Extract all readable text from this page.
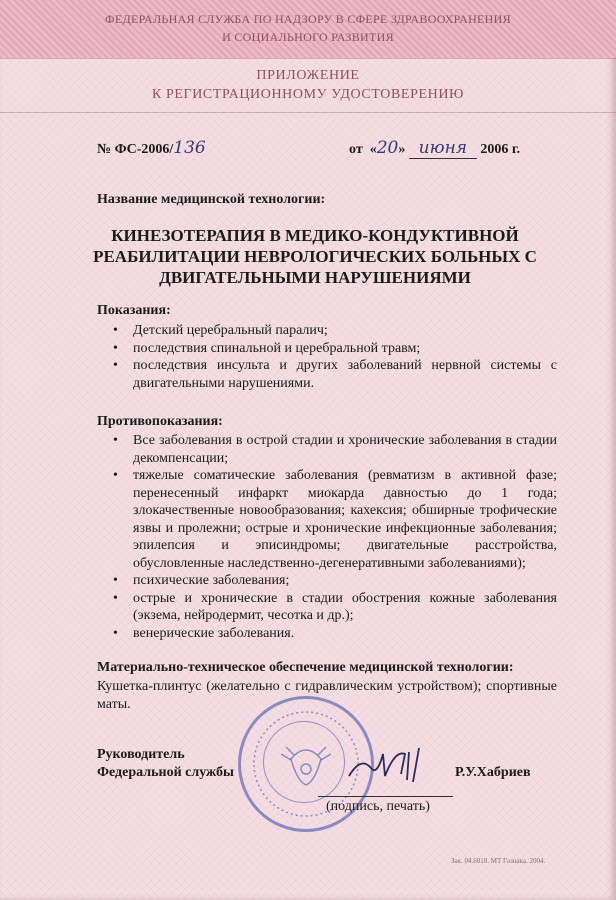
ФЕДЕРАЛЬНАЯ СЛУЖБА ПО НАДЗОРУ В СФЕРЕ ЗДРАВООХРАНЕНИЯ
И СОЦИАЛЬНОГО РАЗВИТИЯ
ПРИЛОЖЕНИЕ
К РЕГИСТРАЦИОННОМУ УДОСТОВЕРЕНИЮ
№ ФС-2006/136	от «20» июня 2006 г.
Название медицинской технологии:
КИНЕЗОТЕРАПИЯ В МЕДИКО-КОНДУКТИВНОЙ РЕАБИЛИТАЦИИ НЕВРОЛОГИЧЕСКИХ БОЛЬНЫХ С ДВИГАТЕЛЬНЫМИ НАРУШЕНИЯМИ
Показания:
• Детский церебральный паралич;
• последствия спинальной и церебральной травм;
• последствия инсульта и других заболеваний нервной системы с двигательными нарушениями.
Противопоказания:
• Все заболевания в острой стадии и хронические заболевания в стадии декомпенсации;
• тяжелые соматические заболевания (ревматизм в активной фазе; перенесенный инфаркт миокарда давностью до 1 года; злокачественные новообразования; кахексия; обширные трофические язвы и пролежни; острые и хронические инфекционные заболевания; эпилепсия и эписиндромы; двигательные расстройства, обусловленные наследственно-дегенеративными заболеваниями);
• психические заболевания;
• острые и хронические в стадии обострения кожные заболевания (экзема, нейродермит, чесотка и др.);
• венерические заболевания.
Материально-техническое обеспечение медицинской технологии:
Кушетка-плинтус (желательно с гидравлическим устройством); спортивные маты.
Руководитель
Федеральной службы	Р.У.Хабриев
(подпись, печать)
Зак. 04.6018. МТ Гознака. 2004.
